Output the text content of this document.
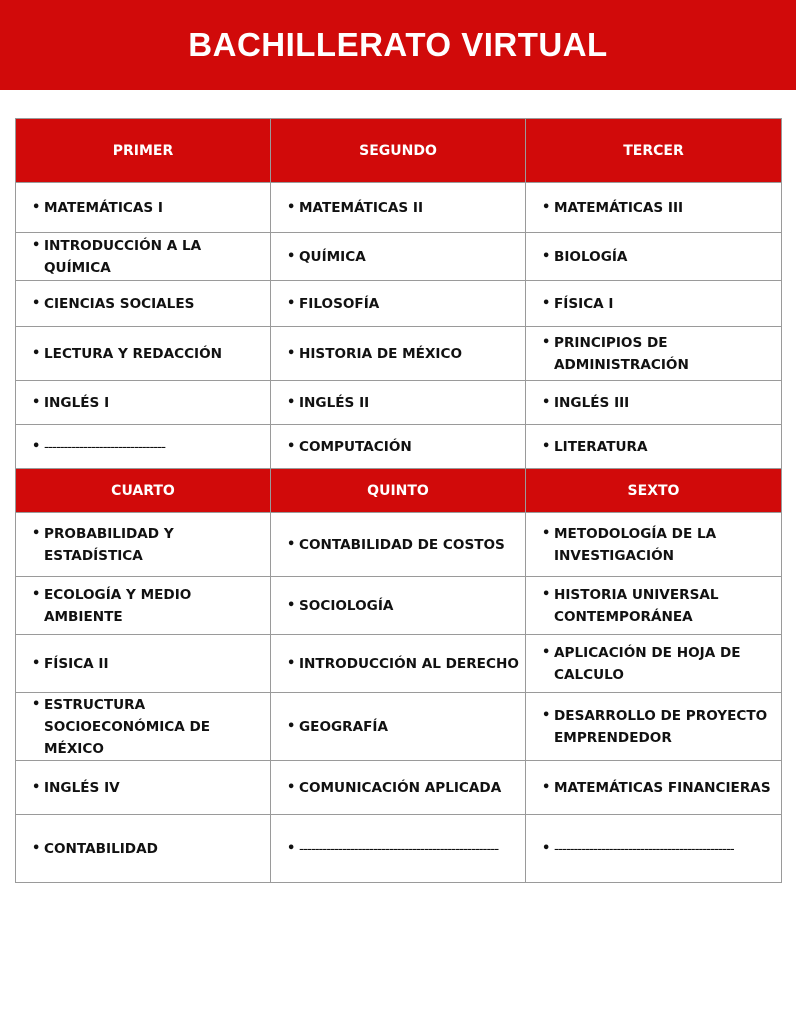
BACHILLERATO VIRTUAL
PRIMER	SEGUNDO	TERCER

• MATEMÁTICAS I	• MATEMÁTICAS II	• MATEMÁTICAS III

• INTRODUCCIÓN A LA QUÍMICA	• QUÍMICA	• BIOLOGÍA

• CIENCIAS SOCIALES	• FILOSOFÍA	• FÍSICA I

• LECTURA Y REDACCIÓN	• HISTORIA DE MÉXICO	• PRINCIPIOS DE ADMINISTRACIÓN

• INGLÉS I	• INGLÉS II	• INGLÉS III

• -------------------------------	• COMPUTACIÓN	• LITERATURA

CUARTO	QUINTO	SEXTO

• PROBABILIDAD Y ESTADÍSTICA	• CONTABILIDAD DE COSTOS	• METODOLOGÍA DE LA INVESTIGACIÓN

• ECOLOGÍA Y MEDIO AMBIENTE	• SOCIOLOGÍA	• HISTORIA UNIVERSAL CONTEMPORÁNEA

• FÍSICA II	• INTRODUCCIÓN AL DERECHO	• APLICACIÓN DE HOJA DE CALCULO

• ESTRUCTURA SOCIOECONÓMICA DE MÉXICO	• GEOGRAFÍA	• DESARROLLO DE PROYECTO EMPRENDEDOR

• INGLÉS IV	• COMUNICACIÓN APLICADA	• MATEMÁTICAS FINANCIERAS

• CONTABILIDAD	• ---------------------------------------------------	• ----------------------------------------------
